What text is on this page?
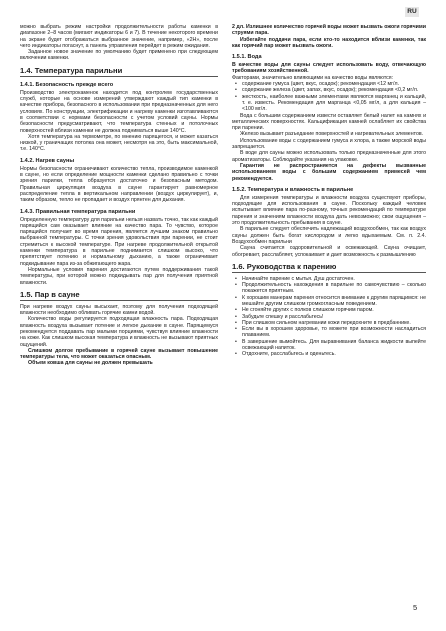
RU

можно выбрать режим настройки продолжительности работы каменки в диапазоне 2–8 часов (мигают индикаторы 6 и 7). В течение некоторого времени на экране будет отображаться выбранное значение, например, «2Н», после чего индикаторы погаснут, а панель управления перейдет в режим ожидания.

Заданное новое значение по умолчанию будет применено при следующем включении каменки.

1.4. Температура парильни
1.4.1. Безопасность прежде всего

Производство электрокаменок находится под контролем государственных служб, которые на основе измерений утверждают каждый тип каменки в качестве прибора, безопасного в использовании при предназначенных для него условиях. По конструкции, электрификации и нагреву каменки изготавливаются в соответствии с нормами безопасности с учетом условий сауны. Нормы безопасности предусматривают, что температура стенных и потолочных поверхностей вблизи каменки не должна подниматься выше 140°С.

Хотя температура на термометре, по мнению парящегося, и может казаться низкой, у граничащих потолка она может, несмотря на это, быть максимальной, т.е. 140°С.

1.4.2. Нагрев сауны

Нормы безопасности ограничивают количество тепла, производимое каменкой в сауне, но если определение мощности каменки сделано правильно с точки зрения парилки, тепла образуется достаточно и безопасным методом. Правильная циркуляция воздуха в сауне гарантирует равномерное распределение тепла в вертикальном направлении (воздух циркулирует), и, таким образом, тепло не пропадает и воздух прянтен для дыхания.

1.4.3. Правильная температура парильни

Определенную температуру для парильни нельзя назвать точно, так как каждый парящийся сам оказывает влияние на качество пара. То чувство, которое парящийся получает во время парения, является лучшим знаком правильно выбранной температуры. С точки зрения удовольствия при парении, не стоит стремиться к высокой температуре. При нагреве продолжительной открытой каменки температура в парильне поднимается слишком высоко, что препятствует потению и нормальному дыханию, а также ограничивает подкидывание пара из-за обжигающего жара.

Нормальные условия парения достигаются путем поддерживания такой температуры, при которой можно подкидывать пар для получения приятной влажности.

1.5. Пар в сауне

При нагреве воздух сауны высыхает, поэтому для получения подходящей влажности необходимо обливать горячие камни водой.

Количество воды регулируется подходящая влажность пара. Подходящая влажность воздуха вызывает потение и легкое дыхание в сауне. Парящемуся рекомендуется поддавать пар малыми порциями, чувствуя влияние влажности на коже. Как слишком высокая температура и влажность не вызывают приятных ощущений.

Слишком долгое пребывание в горячей сауне вызывает повышение температуры тела, что может оказаться опасным.

Объем ковша для сауны не должен превышать

2 дл. Излишнее количество горячей воды может вызвать ожоги горячими струями пара.

Избегайте поддачи пара, если кто-то находится вблизи каменки, так как горячий пар может вызвать ожоги.

1.5.1. Вода

В качестве воды для сауны следует использовать воду, отвечающую требованиям хозяйственной.

Факторами, значительно влияющими на качество воды являются:

• содержание гумуса (цвет, вкус, осадок); рекомендация <12 мг/л.
• содержание железа (цвет, запах, вкус, осадок); рекомендация <0,2 мг/л.
• жесткость, наиболее важными элементами являются марганец и кальций, т. е. известь. Рекомендация для марганца <0,05 мг/л, а для кальция – <100 мг/л.

Вода с большим содержанием извести оставляет белый налет на камнях и металлических поверхностях. Кальцификация камней ослабляет их свойства при парении.

Железо вызывает разъедание поверхностей и нагревательных элементов.

Использование воды с содержанием гумуса и хлора, а также морской воды запрещается.

В воде для сауны можно использовать только предназначенные для этого ароматизаторы. Соблюдайте указания на упаковке.

Гарантия не распространяется на дефекты вызванные использованием воды с большим содержанием примесей чем рекомендуется.

1.5.2. Температура и влажность в парильне

Для измерения температуры и влажности воздуха существуют приборы, подходящие для использования в сауне. Поскольку каждый человек испытывает влияние пара по-разному, точных рекомендаций по температуре парения и значениям влажности воздуха дать невозможно; свои ощущения – это продолжительность пребывания в сауне.

В парильне следует обеспечить надлежащий воздухообмен, так как воздух сауны должен быть богат кислородом и легко вдыхаемым. См. п. 2.4. Воздухообмен парильни

Сауна считается оздоровительной и освежающей. Сауна очищает, обогревает, расслабляет, успокаивает и дает возможность к размышлению

1.6. Руководства к парению
• Начинайте парение с мытья. Душ достаточен.
• Продолжительность нахождения в парильне по самочувствию – сколько покажется приятным.
• К хорошим манерам парения относится внимание к другим парящимся: не мешайте другим слишком громкогласным поведением.
• Не сгоняйте других с полков слишком горячим паром.
• Забудьте спешку и расслабьтесь!
• При слишком сильном нагревании кожи передохните в предбаннике.
• Если вы в хорошем здоровье, то можете при возможности насладиться плаванием.
• В завершение вымойтесь. Для выравнивания баланса жидкости выпейте освежающий напиток.
• Отдохните, расслабьтесь и оденьтесь.
5
